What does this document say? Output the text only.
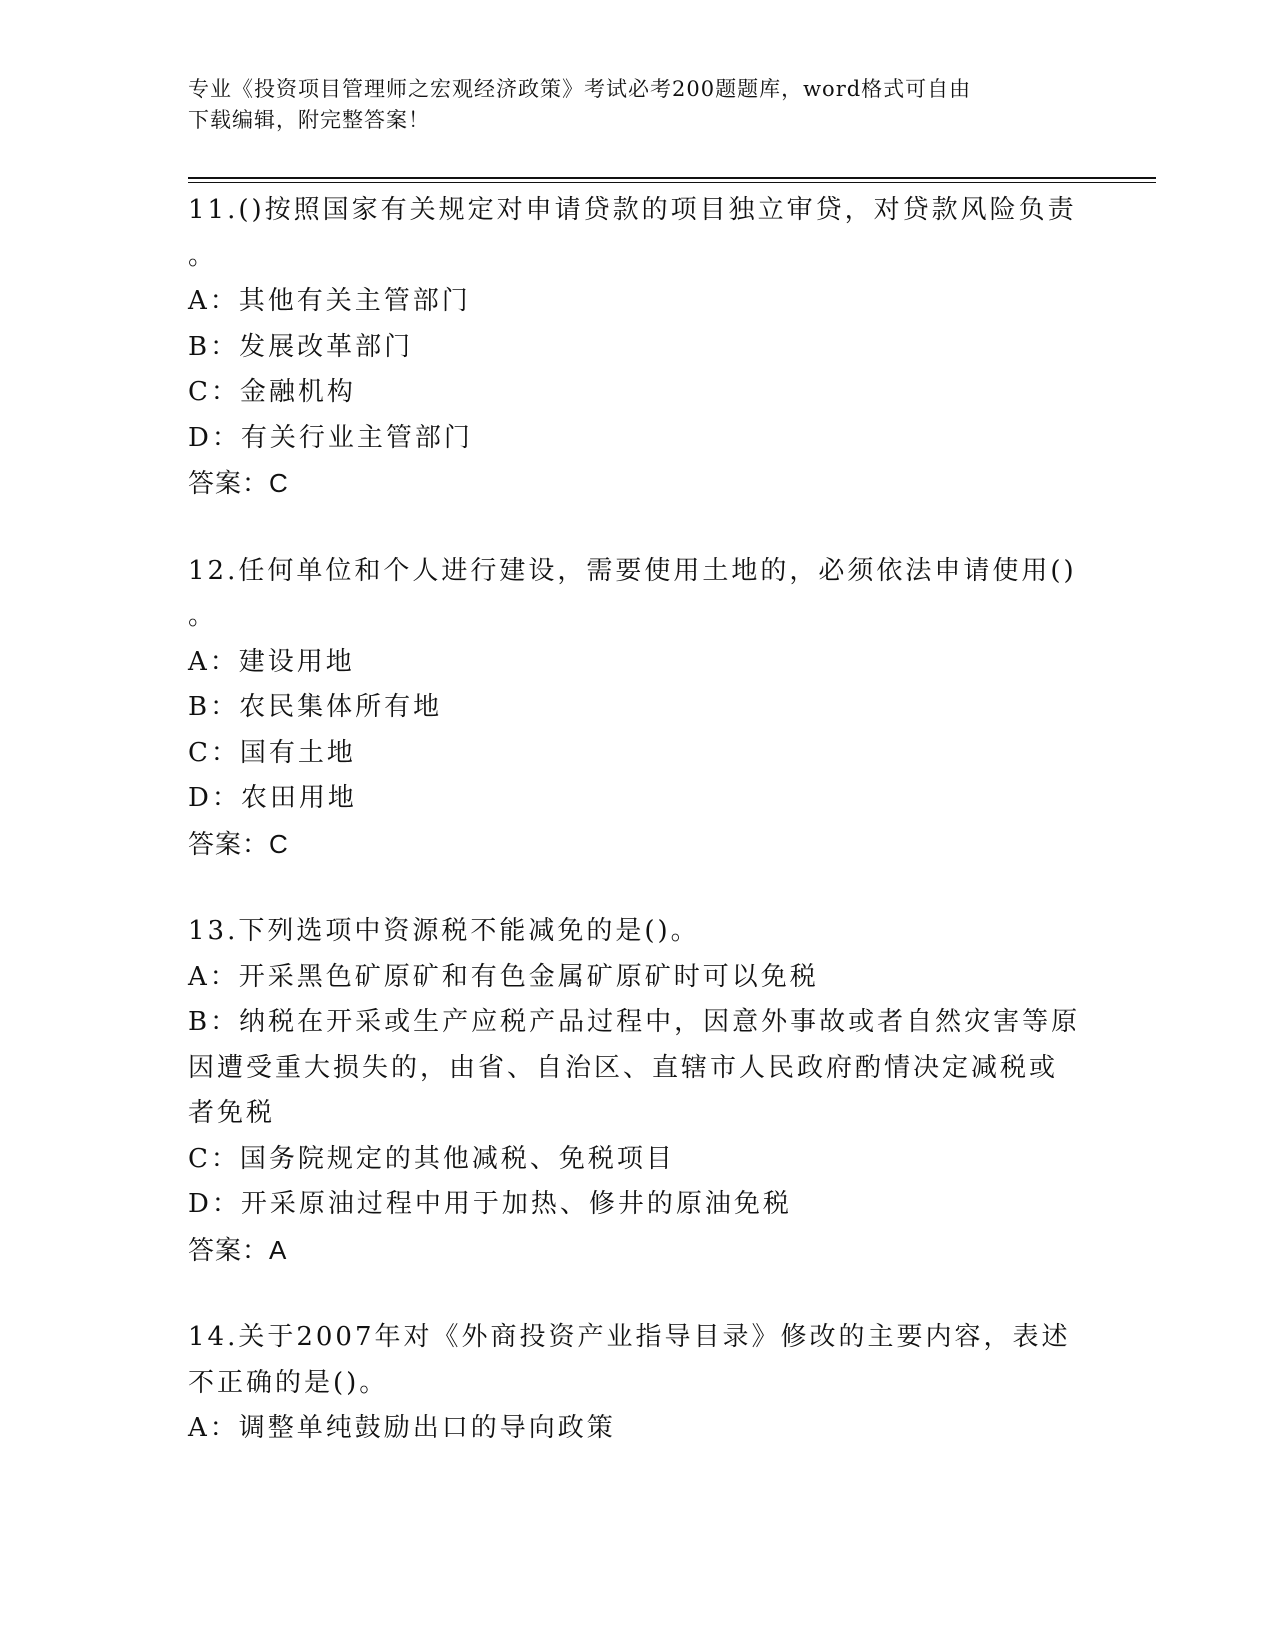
专业《投资项目管理师之宏观经济政策》考试必考200题题库，word格式可自由
下载编辑，附完整答案！
11.()按照国家有关规定对申请贷款的项目独立审贷，对贷款风险负责
。
A：其他有关主管部门
B：发展改革部门
C：金融机构
D：有关行业主管部门
答案：C
12.任何单位和个人进行建设，需要使用土地的，必须依法申请使用()
。
A：建设用地
B：农民集体所有地
C：国有土地
D：农田用地
答案：C
13.下列选项中资源税不能减免的是()。
A：开采黑色矿原矿和有色金属矿原矿时可以免税
B：纳税在开采或生产应税产品过程中，因意外事故或者自然灾害等原
因遭受重大损失的，由省、自治区、直辖市人民政府酌情决定减税或
者免税
C：国务院规定的其他减税、免税项目
D：开采原油过程中用于加热、修井的原油免税
答案：A
14.关于2007年对《外商投资产业指导目录》修改的主要内容，表述
不正确的是()。
A：调整单纯鼓励出口的导向政策
